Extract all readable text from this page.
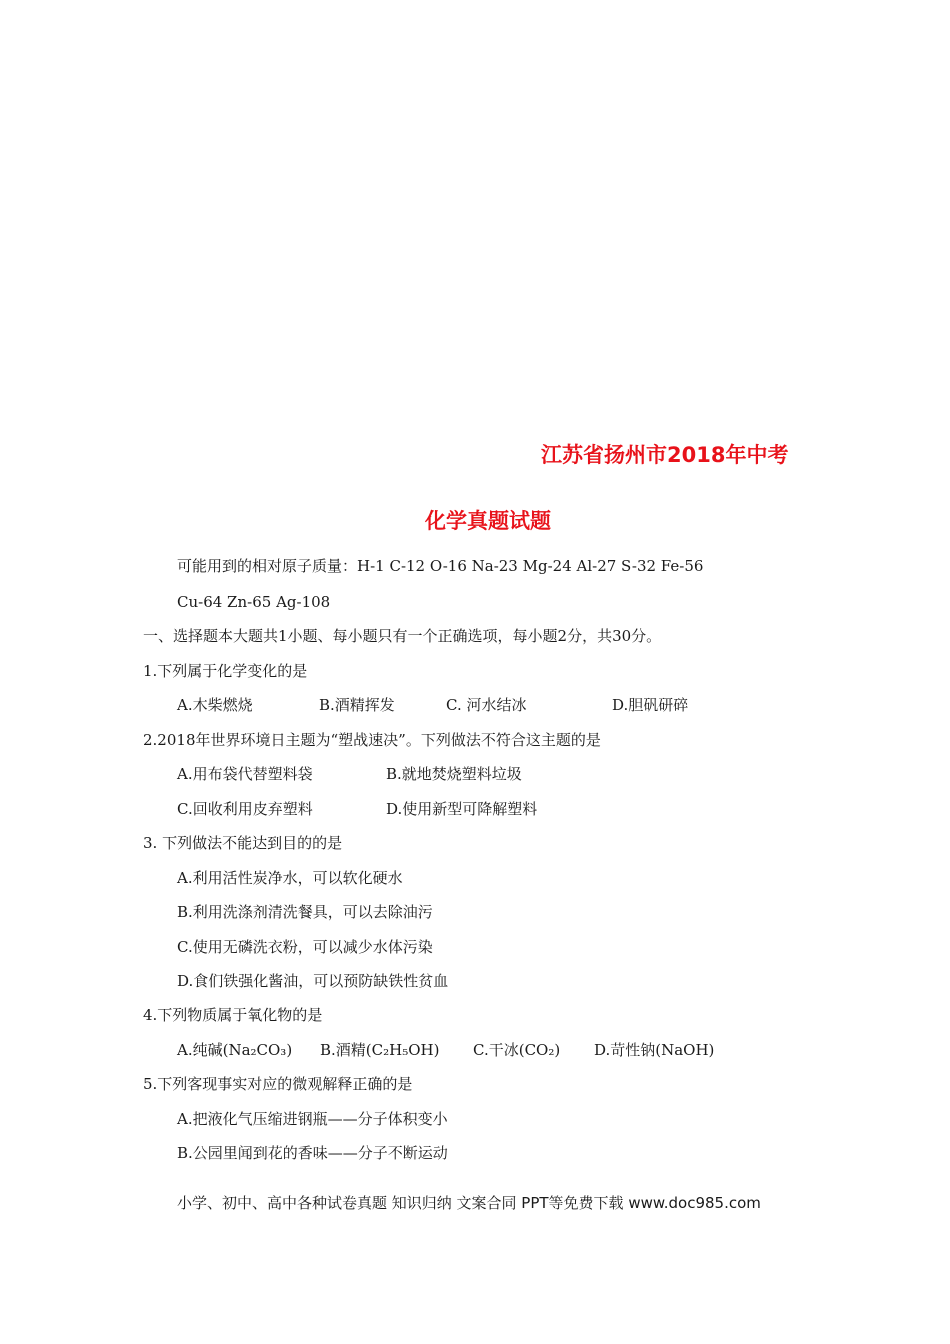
江苏省扬州市2018年中考
化学真题试题
可能用到的相对原子质量：H-1 C-12 O-16 Na-23 Mg-24 Al-27 S-32 Fe-56
Cu-64 Zn-65 Ag-108
一、选择题本大题共1小题、每小题只有一个正确选项，每小题2分，共30分。
1.下列属于化学变化的是
A.木柴燃烧	B.酒精挥发	C. 河水结冰	D.胆矾研碎
2.2018年世界环境日主题为“塑战速决”。下列做法不符合这主题的是
A.用布袋代替塑料袋	B.就地焚烧塑料垃圾
C.回收利用皮弃塑料	D.使用新型可降解塑料
3. 下列做法不能达到目的的是
A.利用活性炭净水，可以软化硬水
B.利用洗涤剂清洗餐具，可以去除油污
C.使用无磷洗衣粉，可以减少水体污染
D.食们铁强化酱油，可以预防缺铁性贫血
4.下列物质属于氧化物的是
A.纯碱(Na₂CO₃) B.酒精(C₂H₅OH) C.干冰(CO₂) D.苛性钠(NaOH)
5.下列客现事实对应的微观解释正确的是
A.把液化气压缩进钢瓶——分子体积变小
B.公园里闻到花的香味——分子不断运动
小学、初中、高中各种试卷真题 知识归纳 文案合同 PPT等免费下载 www.doc985.com
